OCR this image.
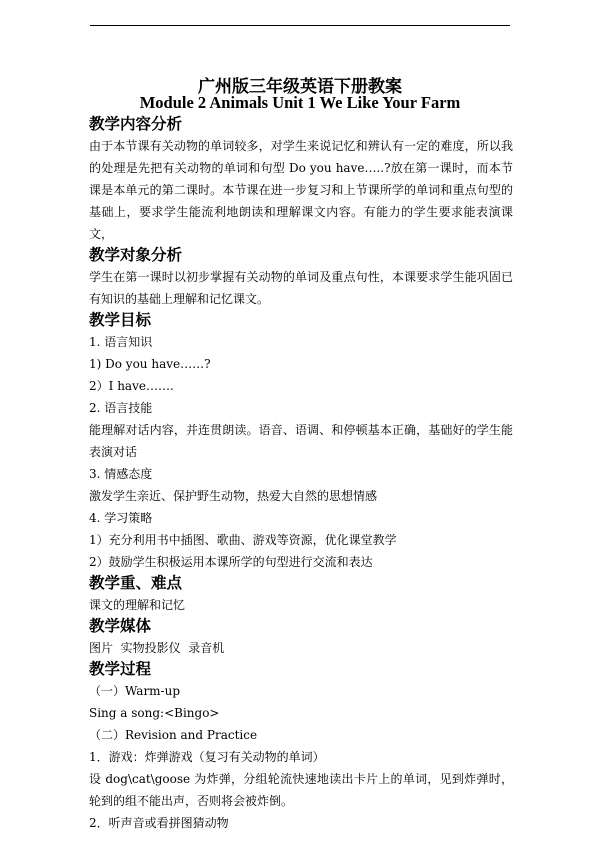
广州版三年级英语下册教案
Module 2 Animals Unit 1 We Like Your Farm
教学内容分析

由于本节课有关动物的单词较多，对学生来说记忆和辨认有一定的难度，所以我的处理是先把有关动物的单词和句型 Do you have…..?放在第一课时，而本节课是本单元的第二课时。本节课在进一步复习和上节课所学的单词和重点句型的基础上，要求学生能流利地朗读和理解课文内容。有能力的学生要求能表演课文，

教学对象分析

学生在第一课时以初步掌握有关动物的单词及重点句性，本课要求学生能巩固已有知识的基础上理解和记忆课文。

教学目标

1. 语言知识

1) Do you have……?

2）I have…….

2. 语言技能

能理解对话内容，并连贯朗读。语音、语调、和停顿基本正确，基础好的学生能表演对话

3. 情感态度

激发学生亲近、保护野生动物，热爱大自然的思想情感

4. 学习策略

1）充分利用书中插图、歌曲、游戏等资源，优化课堂教学

2）鼓励学生积极运用本课所学的句型进行交流和表达

教学重、难点

课文的理解和记忆

教学媒体

图片  实物投影仪  录音机

教学过程

（一）Warm-up

Sing a song:<Bingo>

（二）Revision and Practice

1．游戏：炸弹游戏（复习有关动物的单词）

设 dog\cat\goose 为炸弹，分组轮流快速地读出卡片上的单词，见到炸弹时，轮到的组不能出声，否则将会被炸倒。

2．听声音或看拼图猜动物
